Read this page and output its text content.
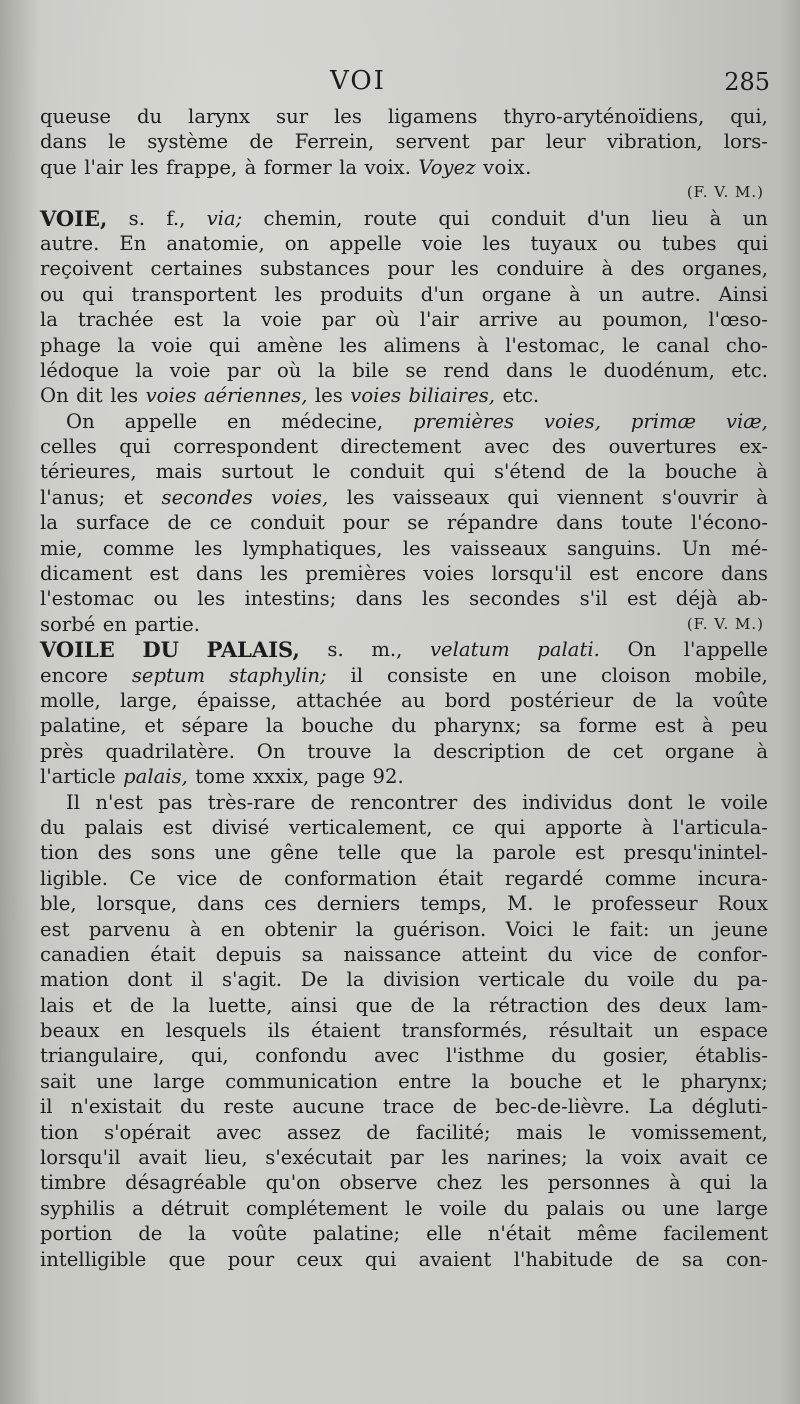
VOI	285
queuse du larynx sur les ligamens thyro-aryténoïdiens, qui,
dans le système de Ferrein, servent par leur vibration, lors-
que l'air les frappe, à former la voix. Voyez voix.
(F. V. M.)
VOIE, s. f., via; chemin, route qui conduit d'un lieu à un
autre. En anatomie, on appelle voie les tuyaux ou tubes qui
reçoivent certaines substances pour les conduire à des organes,
ou qui transportent les produits d'un organe à un autre. Ainsi
la trachée est la voie par où l'air arrive au poumon, l'œso-
phage la voie qui amène les alimens à l'estomac, le canal cho-
lédoque la voie par où la bile se rend dans le duodénum, etc.
On dit les voies aériennes, les voies biliaires, etc.
On appelle en médecine, premières voies, primæ viæ,
celles qui correspondent directement avec des ouvertures ex-
térieures, mais surtout le conduit qui s'étend de la bouche à
l'anus; et secondes voies, les vaisseaux qui viennent s'ouvrir à
la surface de ce conduit pour se répandre dans toute l'écono-
mie, comme les lymphatiques, les vaisseaux sanguins. Un mé-
dicament est dans les premières voies lorsqu'il est encore dans
l'estomac ou les intestins; dans les secondes s'il est déjà ab-
sorbé en partie.	(F. V. M.)
VOILE DU PALAIS, s. m., velatum palati. On l'appelle
encore septum staphylin; il consiste en une cloison mobile,
molle, large, épaisse, attachée au bord postérieur de la voûte
palatine, et sépare la bouche du pharynx; sa forme est à peu
près quadrilatère. On trouve la description de cet organe à
l'article palais, tome xxxix, page 92.
Il n'est pas très-rare de rencontrer des individus dont le voile
du palais est divisé verticalement, ce qui apporte à l'articula-
tion des sons une gêne telle que la parole est presqu'inintel-
ligible. Ce vice de conformation était regardé comme incura-
ble, lorsque, dans ces derniers temps, M. le professeur Roux
est parvenu à en obtenir la guérison. Voici le fait: un jeune
canadien était depuis sa naissance atteint du vice de confor-
mation dont il s'agit. De la division verticale du voile du pa-
lais et de la luette, ainsi que de la rétraction des deux lam-
beaux en lesquels ils étaient transformés, résultait un espace
triangulaire, qui, confondu avec l'isthme du gosier, établis-
sait une large communication entre la bouche et le pharynx;
il n'existait du reste aucune trace de bec-de-lièvre. La dégluti-
tion s'opérait avec assez de facilité; mais le vomissement,
lorsqu'il avait lieu, s'exécutait par les narines; la voix avait ce
timbre désagréable qu'on observe chez les personnes à qui la
syphilis a détruit complétement le voile du palais ou une large
portion de la voûte palatine; elle n'était même facilement
intelligible que pour ceux qui avaient l'habitude de sa con-
